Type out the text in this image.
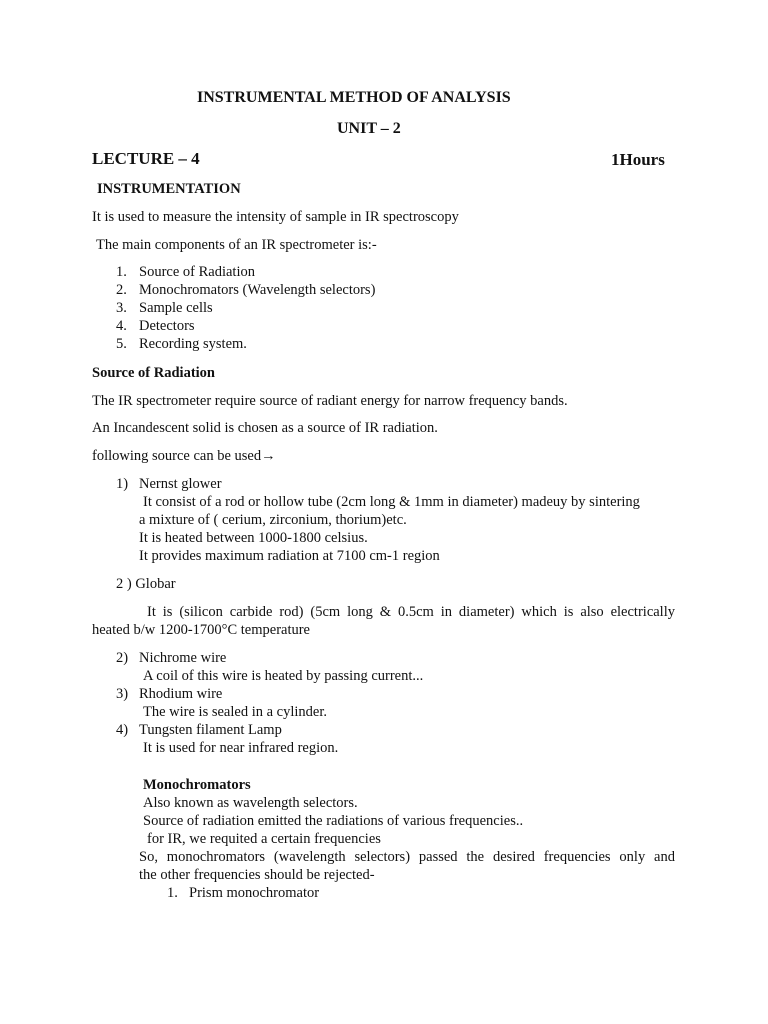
INSTRUMENTAL METHOD OF ANALYSIS

UNIT – 2

LECTURE – 4	1Hours

INSTRUMENTATION

It is used to measure the intensity of sample in IR spectroscopy

The main components of an IR spectrometer is:-

1. Source of Radiation

2. Monochromators (Wavelength selectors)

3. Sample cells

4. Detectors

5. Recording system.

Source of Radiation

The IR spectrometer require source of radiant energy for narrow frequency bands.

An Incandescent solid is chosen as a source of IR radiation.

following source can be used→

1) Nernst glower

It consist of a rod or hollow tube (2cm long & 1mm in diameter) madeuy by sintering

a mixture of ( cerium, zirconium, thorium)etc.

It is heated between 1000-1800 celsius.

It provides maximum radiation at 7100 cm-1 region

2 ) Globar

It is (silicon carbide rod) (5cm long & 0.5cm in diameter) which is also electrically

heated b/w 1200-1700°C temperature

2) Nichrome wire

A coil of this wire is heated by passing current...

3) Rhodium wire

The wire is sealed in a cylinder.

4) Tungsten filament Lamp

It is used for near infrared region.

Monochromators

Also known as wavelength selectors.

Source of radiation emitted the radiations of various frequencies..

for IR, we requited a certain frequencies

So, monochromators (wavelength selectors) passed the desired frequencies only and

the other frequencies should be rejected-

1. Prism monochromator
